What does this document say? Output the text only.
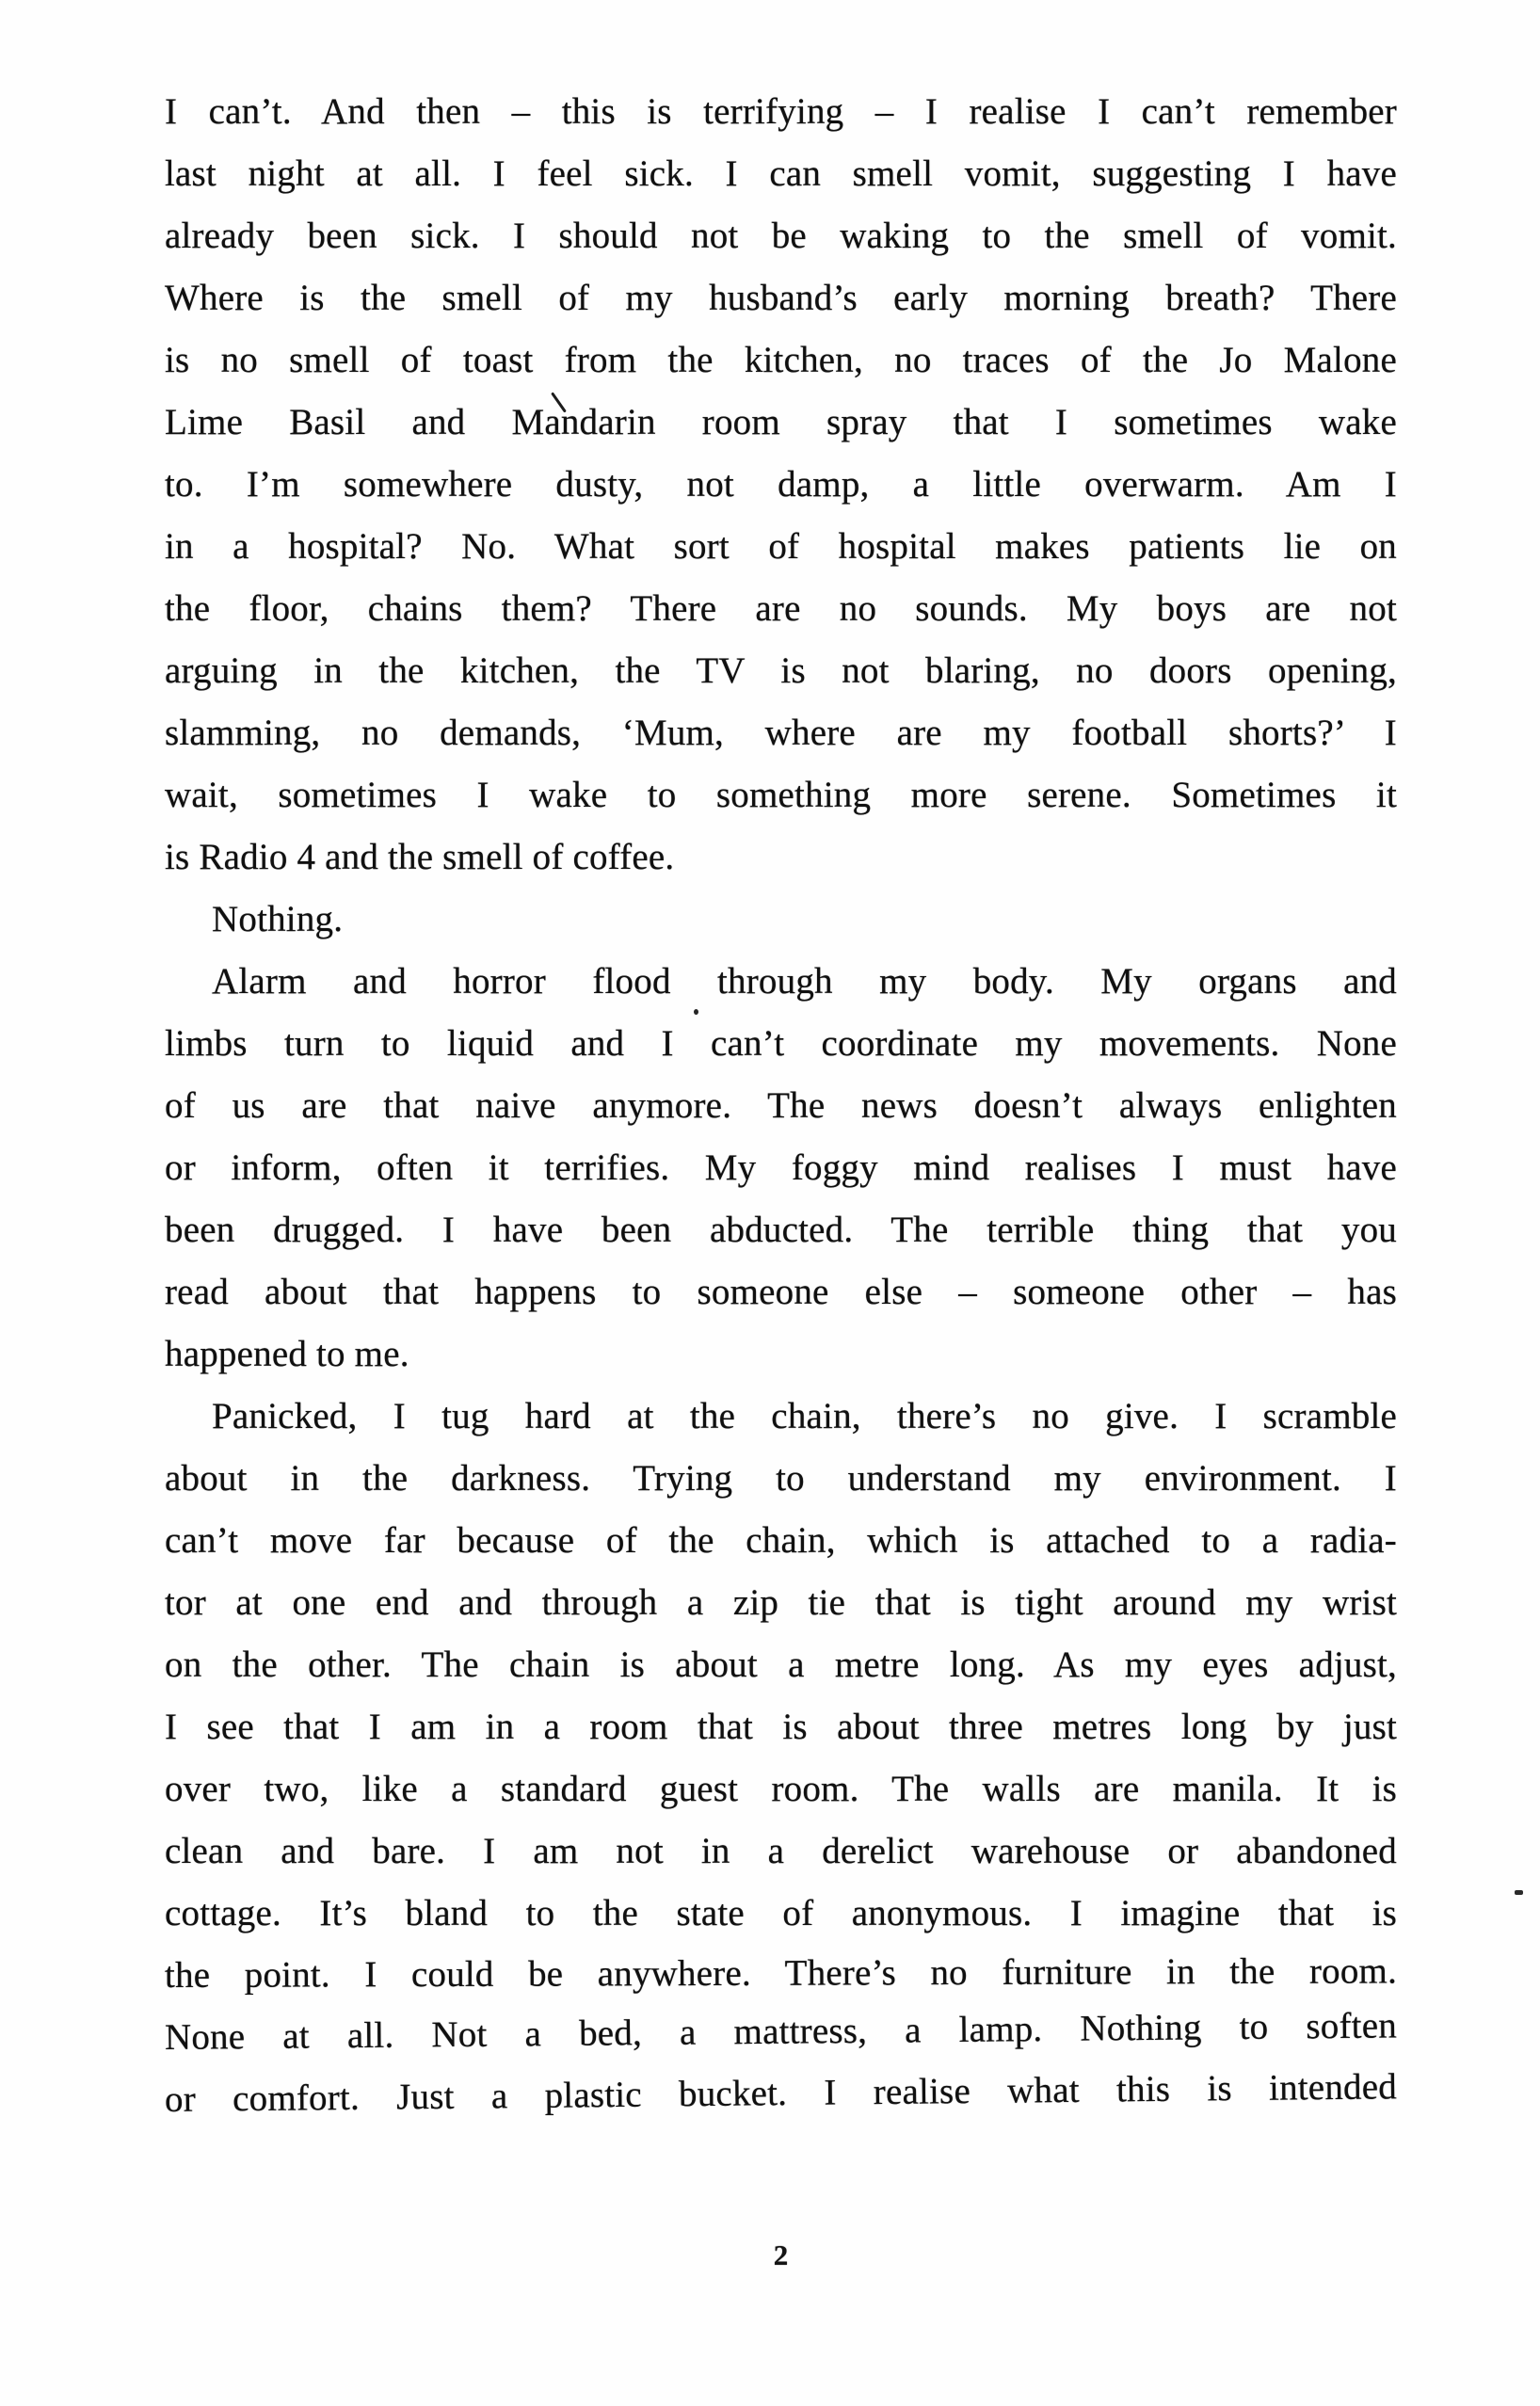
I can’t. And then – this is terrifying – I realise I can’t remember
last night at all. I feel sick. I can smell vomit, suggesting I have
already been sick. I should not be waking to the smell of vomit.
Where is the smell of my husband’s early morning breath? There
is no smell of toast from the kitchen, no traces of the Jo Malone
Lime Basil and Mandarin room spray that I sometimes wake
to. I’m somewhere dusty, not damp, a little overwarm. Am I
in a hospital? No. What sort of hospital makes patients lie on
the floor, chains them? There are no sounds. My boys are not
arguing in the kitchen, the TV is not blaring, no doors opening,
slamming, no demands, ‘Mum, where are my football shorts?’ I
wait, sometimes I wake to something more serene. Sometimes it
is Radio 4 and the smell of coffee.
Nothing.
Alarm and horror flood through my body. My organs and
limbs turn to liquid and I can’t coordinate my movements. None
of us are that naive anymore. The news doesn’t always enlighten
or inform, often it terrifies. My foggy mind realises I must have
been drugged. I have been abducted. The terrible thing that you
read about that happens to someone else – someone other – has
happened to me.
Panicked, I tug hard at the chain, there’s no give. I scramble
about in the darkness. Trying to understand my environment. I
can’t move far because of the chain, which is attached to a radia-
tor at one end and through a zip tie that is tight around my wrist
on the other. The chain is about a metre long. As my eyes adjust,
I see that I am in a room that is about three metres long by just
over two, like a standard guest room. The walls are manila. It is
clean and bare. I am not in a derelict warehouse or abandoned
cottage. It’s bland to the state of anonymous. I imagine that is
the point. I could be anywhere. There’s no furniture in the room.
None at all. Not a bed, a mattress, a lamp. Nothing to soften
or comfort. Just a plastic bucket. I realise what this is intended
2
